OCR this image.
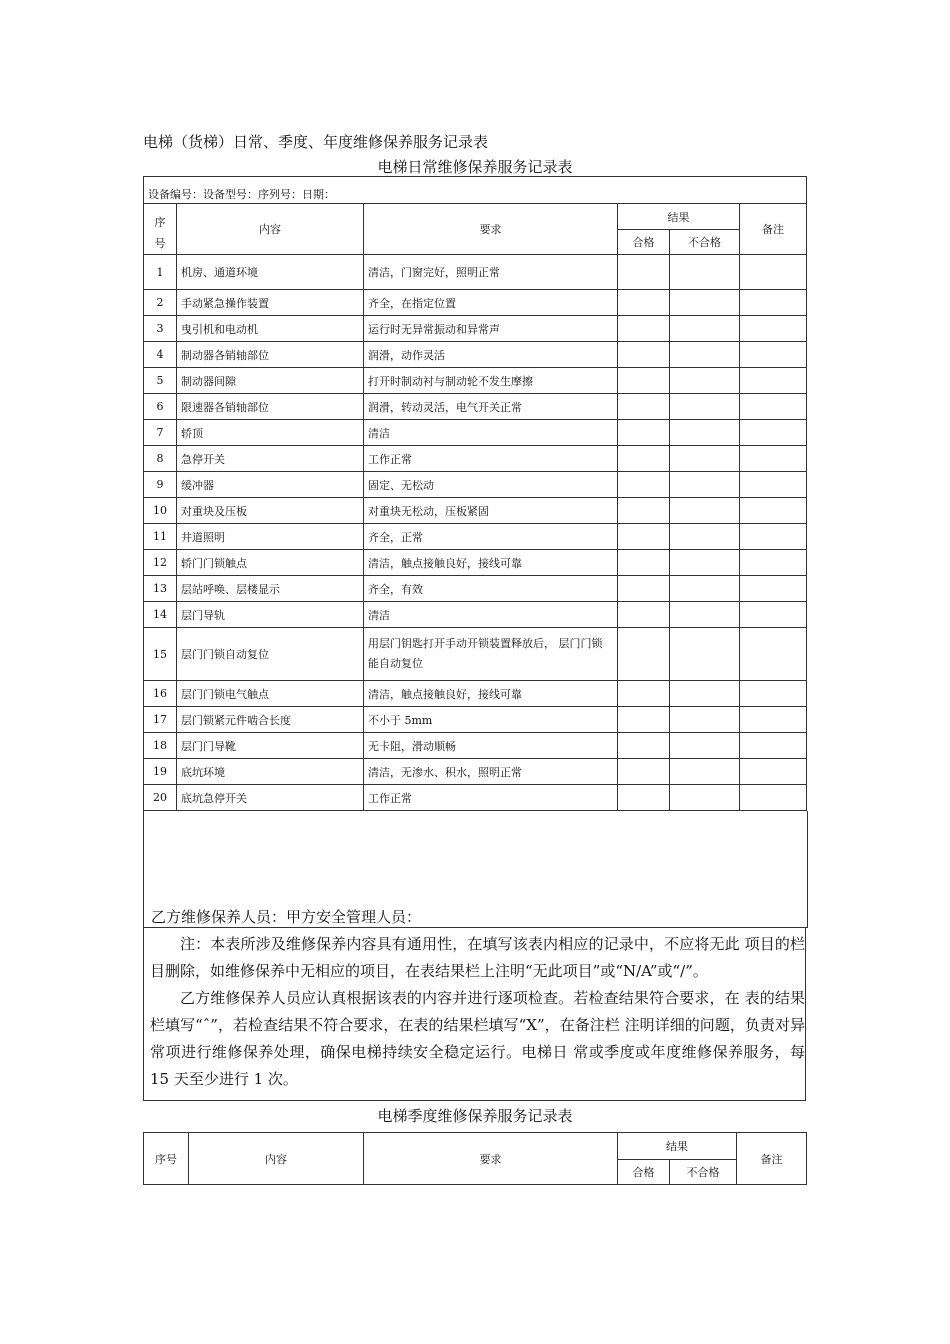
电梯（货梯）日常、季度、年度维修保养服务记录表
电梯日常维修保养服务记录表
设备编号：设备型号：序列号：日期：					
序
号	内容	要求	结果		备注
			合格	不合格	
1	机房、通道环境	清洁，门窗完好，照明正常			
2	手动紧急操作装置	齐全，在指定位置			
3	曳引机和电动机	运行时无异常振动和异常声			
4	制动器各销轴部位	润滑，动作灵活			
5	制动器间隙	打开时制动衬与制动轮不发生摩擦			
6	限速器各销轴部位	润滑，转动灵活，电气开关正常			
7	轿顶	清洁			
8	急停开关	工作正常			
9	缓冲器	固定、无松动			
10	对重块及压板	对重块无松动，压板紧固			
11	井道照明	齐全，正常			
12	轿门门锁触点	清洁，触点接触良好，接线可靠			
13	层站呼唤、层楼显示	齐全，有效			
14	层门导轨	清洁			
15	层门门锁自动复位	用层门钥匙打开手动开锁装置释放后， 层门门锁能自动复位			
16	层门门锁电气触点	清洁，触点接触良好，接线可靠			
17	层门锁紧元件啮合长度	不小于 5mm			
18	层门门导靴	无卡阻，滑动顺畅			
19	底坑环境	清洁，无渗水、积水，照明正常			
20	底坑急停开关	工作正常			
乙方维修保养人员：甲方安全管理人员：

注：本表所涉及维修保养内容具有通用性，在填写该表内相应的记录中，不应将无此 项目的栏目删除，如维修保养中无相应的项目，在表结果栏上注明“无此项目”或“N/A”或“/”。

乙方维修保养人员应认真根据该表的内容并进行逐项检查。若检查结果符合要求，在 表的结果栏填写“ˆ”，若检查结果不符合要求，在表的结果栏填写“X”，在备注栏 注明详细的问题，负责对异常项进行维修保养处理，确保电梯持续安全稳定运行。电梯日 常或季度或年度维修保养服务，每 15 天至少进行 1 次。

电梯季度维修保养服务记录表
序号	内容	要求	结果		备注
			合格	不合格	
